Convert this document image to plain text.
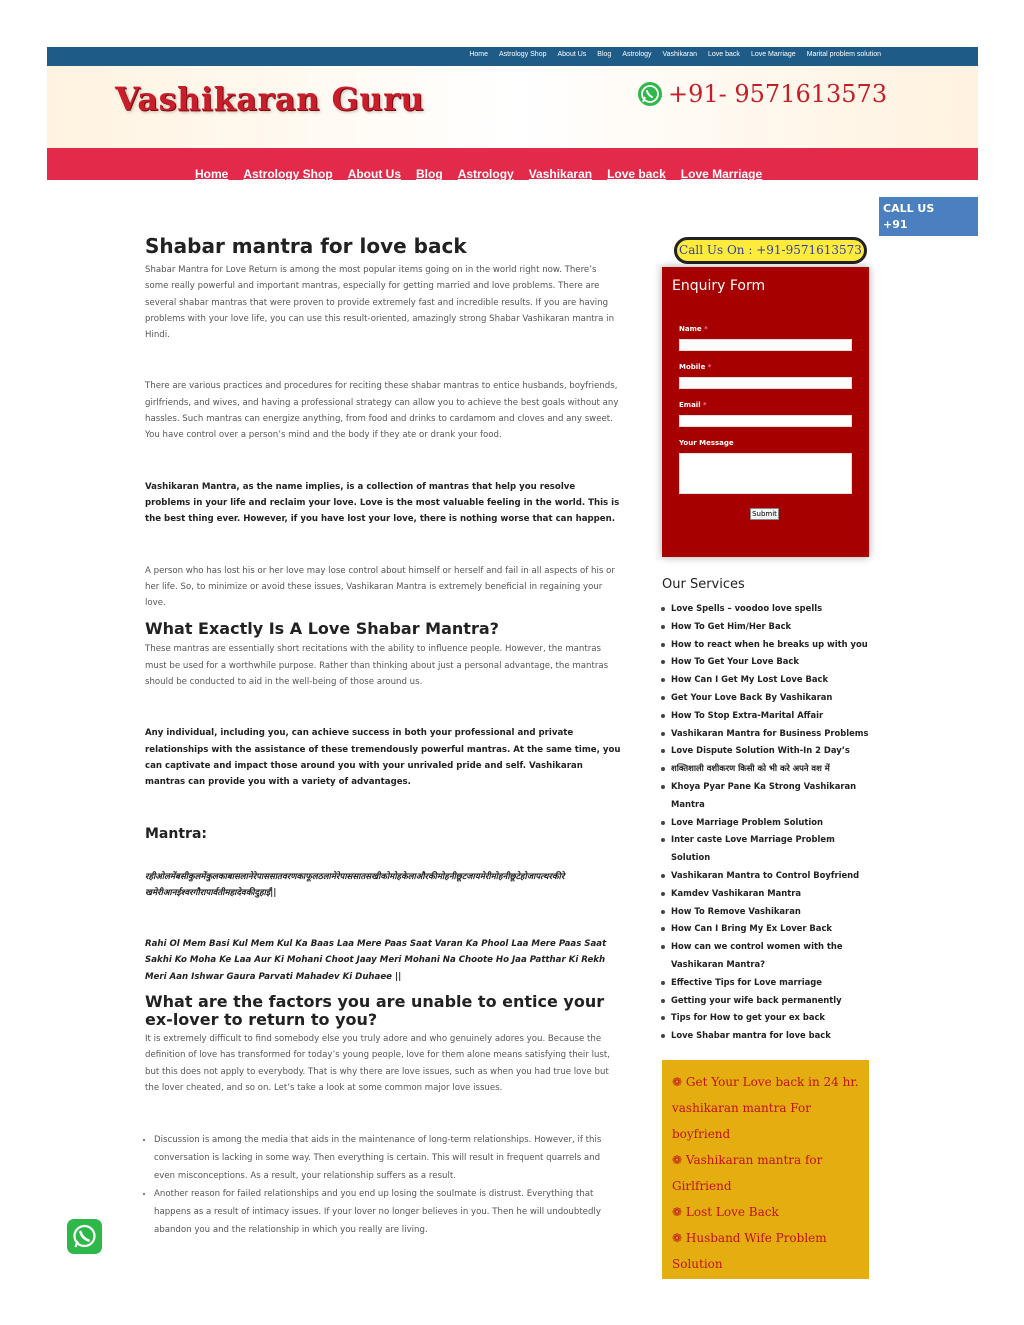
Home Astrology Shop About Us Blog Astrology Vashikaran Love back Love Marriage Marital problem solution
Vashikaran Guru	+91- 9571613573
Home Astrology Shop About Us Blog Astrology Vashikaran Love back Love Marriage
CALL US
+91 9571613573
Shabar mantra for love back

Shabar Mantra for Love Return is among the most popular items going on in the world right now. There’s some really powerful and important mantras, especially for getting married and love problems. There are several shabar mantras that were proven to provide extremely fast and incredible results. If you are having problems with your love life, you can use this result-oriented, amazingly strong Shabar Vashikaran mantra in Hindi.

There are various practices and procedures for reciting these shabar mantras to entice husbands, boyfriends, girlfriends, and wives, and having a professional strategy can allow you to achieve the best goals without any hassles. Such mantras can energize anything, from food and drinks to cardamom and cloves and any sweet. You have control over a person’s mind and the body if they ate or drank your food.

Vashikaran Mantra, as the name implies, is a collection of mantras that help you resolve problems in your life and reclaim your love. Love is the most valuable feeling in the world. This is the best thing ever. However, if you have lost your love, there is nothing worse that can happen.

A person who has lost his or her love may lose control about himself or herself and fail in all aspects of his or her life. So, to minimize or avoid these issues, Vashikaran Mantra is extremely beneficial in regaining your love.

What Exactly Is A Love Shabar Mantra?

These mantras are essentially short recitations with the ability to influence people. However, the mantras must be used for a worthwhile purpose. Rather than thinking about just a personal advantage, the mantras should be conducted to aid in the well-being of those around us.

Any individual, including you, can achieve success in both your professional and private relationships with the assistance of these tremendously powerful mantras. At the same time, you can captivate and impact those around you with your unrivaled pride and self. Vashikaran mantras can provide you with a variety of advantages.

Mantra:

रहीओलमेंबसीकुलमेंकुलकाबासलानेरेपाससातवरणकाफूलठलामेरेपाससातसखीकोमोहकेलाऔरकीमोहनीछूटजायमेरीमोहनीछूटेहोजापत्थरकीरे खमेरीआनईश्वरगौरापार्वतीमहादेवकीदुहाई||

Rahi Ol Mem Basi Kul Mem Kul Ka Baas Laa Mere Paas Saat Varan Ka Phool Laa Mere Paas Saat Sakhi Ko Moha Ke Laa Aur Ki Mohani Choot Jaay Meri Mohani Na Choote Ho Jaa Patthar Ki Rekh Meri Aan Ishwar Gaura Parvati Mahadev Ki Duhaee ||

What are the factors you are unable to entice your ex-lover to return to you?

It is extremely difficult to find somebody else you truly adore and who genuinely adores you. Because the definition of love has transformed for today’s young people, love for them alone means satisfying their lust, but this does not apply to everybody. That is why there are love issues, such as when you had true love but the lover cheated, and so on. Let’s take a look at some common major love issues.

• Discussion is among the media that aids in the maintenance of long-term relationships. However, if this conversation is lacking in some way. Then everything is certain. This will result in frequent quarrels and even misconceptions. As a result, your relationship suffers as a result.
• Another reason for failed relationships and you end up losing the soulmate is distrust. Everything that happens as a result of intimacy issues. If your lover no longer believes in you. Then he will undoubtedly abandon you and the relationship in which you really are living.
Call Us On : +91-9571613573
Enquiry Form
Name *
Mobile *
Email *
Your Message
Submit
Our Services
Love Spells – voodoo love spells
How To Get Him/Her Back
How to react when he breaks up with you
How To Get Your Love Back
How Can I Get My Lost Love Back
Get Your Love Back By Vashikaran
How To Stop Extra-Marital Affair
Vashikaran Mantra for Business Problems
Love Dispute Solution With-In 2 Day’s
शक्तिशाली वशीकरण किसी को भी करे अपने वश में
Khoya Pyar Pane Ka Strong Vashikaran Mantra
Love Marriage Problem Solution
Inter caste Love Marriage Problem Solution
Vashikaran Mantra to Control Boyfriend
Kamdev Vashikaran Mantra
How To Remove Vashikaran
How Can I Bring My Ex Lover Back
How can we control women with the Vashikaran Mantra?
Effective Tips for Love marriage
Getting your wife back permanently
Tips for How to get your ex back
Love Shabar mantra for love back
❁ Get Your Love back in 24 hr. vashikaran mantra For boyfriend
❁ Vashikaran mantra for Girlfriend
❁ Lost Love Back
❁ Husband Wife Problem Solution
